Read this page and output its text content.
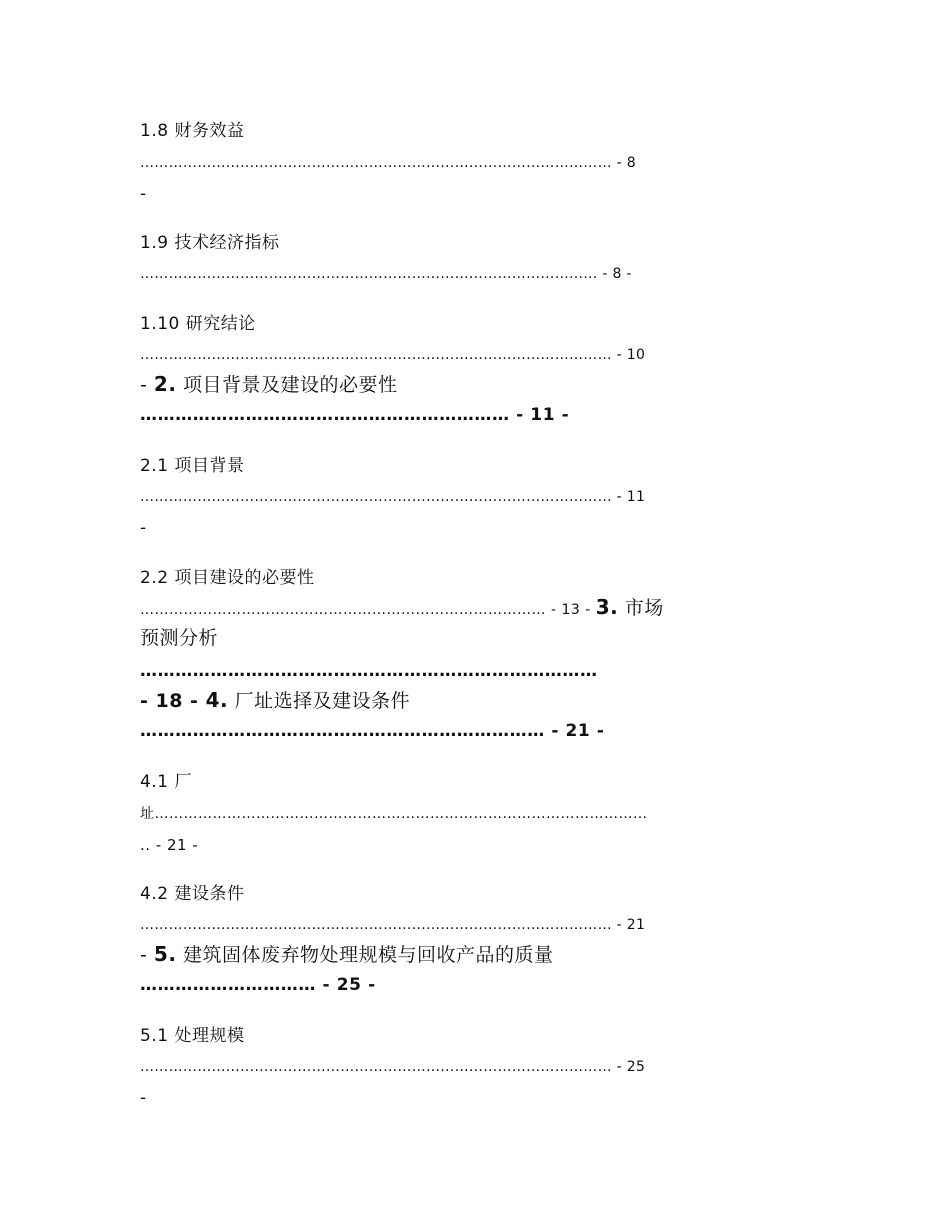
1.8 财务效益
……………………………………………………………………………………… - 8
-
1.9 技术经济指标
…………………………………………………………………………………… - 8 -
1.10 研究结论
……………………………………………………………………………………… - 10
- 2. 项目背景及建设的必要性
……………………………………………………… - 11 -
2.1 项目背景
……………………………………………………………………………………… - 11
-
2.2 项目建设的必要性
………………………………………………………………………… - 13 - 3. 市场
预测分析
……………………………………………………………………
- 18 - 4. 厂址选择及建设条件
…………………………………………………………… - 21 -
4.1 厂
址…………………………………………………………………………………………
.. - 21 -
4.2 建设条件
……………………………………………………………………………………… - 21
- 5. 建筑固体废弃物处理规模与回收产品的质量
………………………… - 25 -
5.1 处理规模
……………………………………………………………………………………… - 25
-
